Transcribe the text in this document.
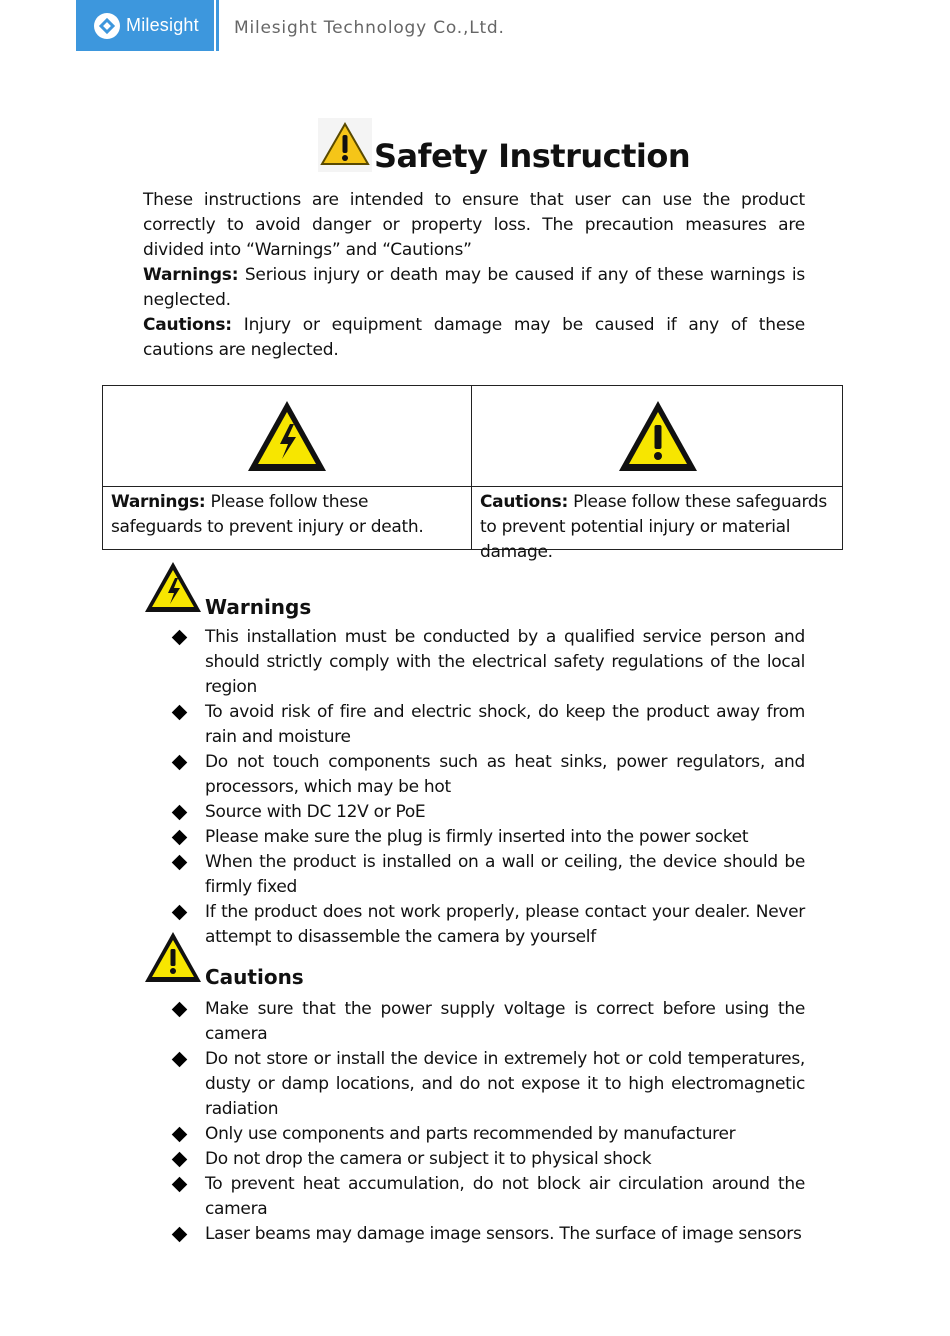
Milesight Milesight Technology Co.,Ltd.
Safety Instruction
These instructions are intended to ensure that user can use the product correctly to avoid danger or property loss. The precaution measures are divided into “Warnings” and “Cautions”
Warnings: Serious injury or death may be caused if any of these warnings is neglected.
Cautions: Injury or equipment damage may be caused if any of these cautions are neglected.
Warnings: Please follow these safeguards to prevent injury or death.
Cautions: Please follow these safeguards to prevent potential injury or material damage.
Warnings
This installation must be conducted by a qualified service person and should strictly comply with the electrical safety regulations of the local region
To avoid risk of fire and electric shock, do keep the product away from rain and moisture
Do not touch components such as heat sinks, power regulators, and processors, which may be hot
Source with DC 12V or PoE
Please make sure the plug is firmly inserted into the power socket
When the product is installed on a wall or ceiling, the device should be firmly fixed
If the product does not work properly, please contact your dealer. Never attempt to disassemble the camera by yourself
Cautions
Make sure that the power supply voltage is correct before using the camera
Do not store or install the device in extremely hot or cold temperatures, dusty or damp locations, and do not expose it to high electromagnetic radiation
Only use components and parts recommended by manufacturer
Do not drop the camera or subject it to physical shock
To prevent heat accumulation, do not block air circulation around the camera
Laser beams may damage image sensors. The surface of image sensors
